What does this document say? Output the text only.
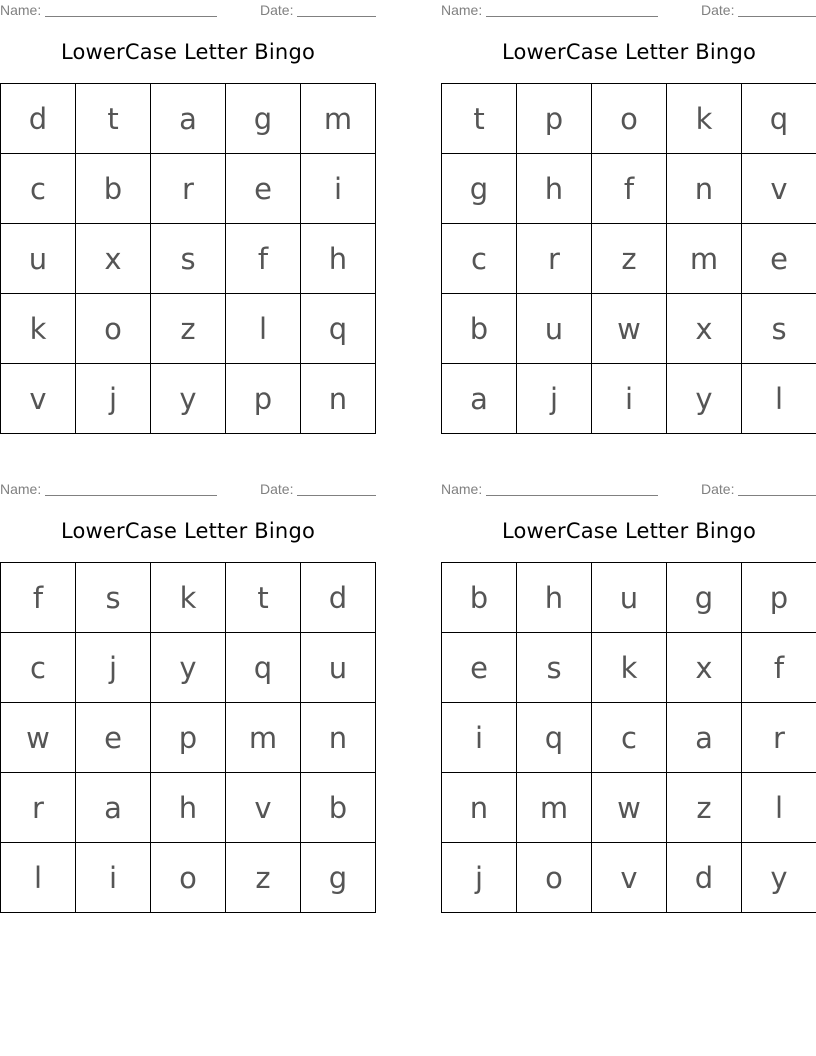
Name:	Date:
LowerCase Letter Bingo
d	t	a	g	m
c	b	r	e	i
u	x	s	f	h
k	o	z	l	q
v	j	y	p	n
Name:	Date:
LowerCase Letter Bingo
t	p	o	k	q
g	h	f	n	v
c	r	z	m	e
b	u	w	x	s
a	j	i	y	l
Name:	Date:
LowerCase Letter Bingo
f	s	k	t	d
c	j	y	q	u
w	e	p	m	n
r	a	h	v	b
l	i	o	z	g
Name:	Date:
LowerCase Letter Bingo
b	h	u	g	p
e	s	k	x	f
i	q	c	a	r
n	m	w	z	l
j	o	v	d	y
